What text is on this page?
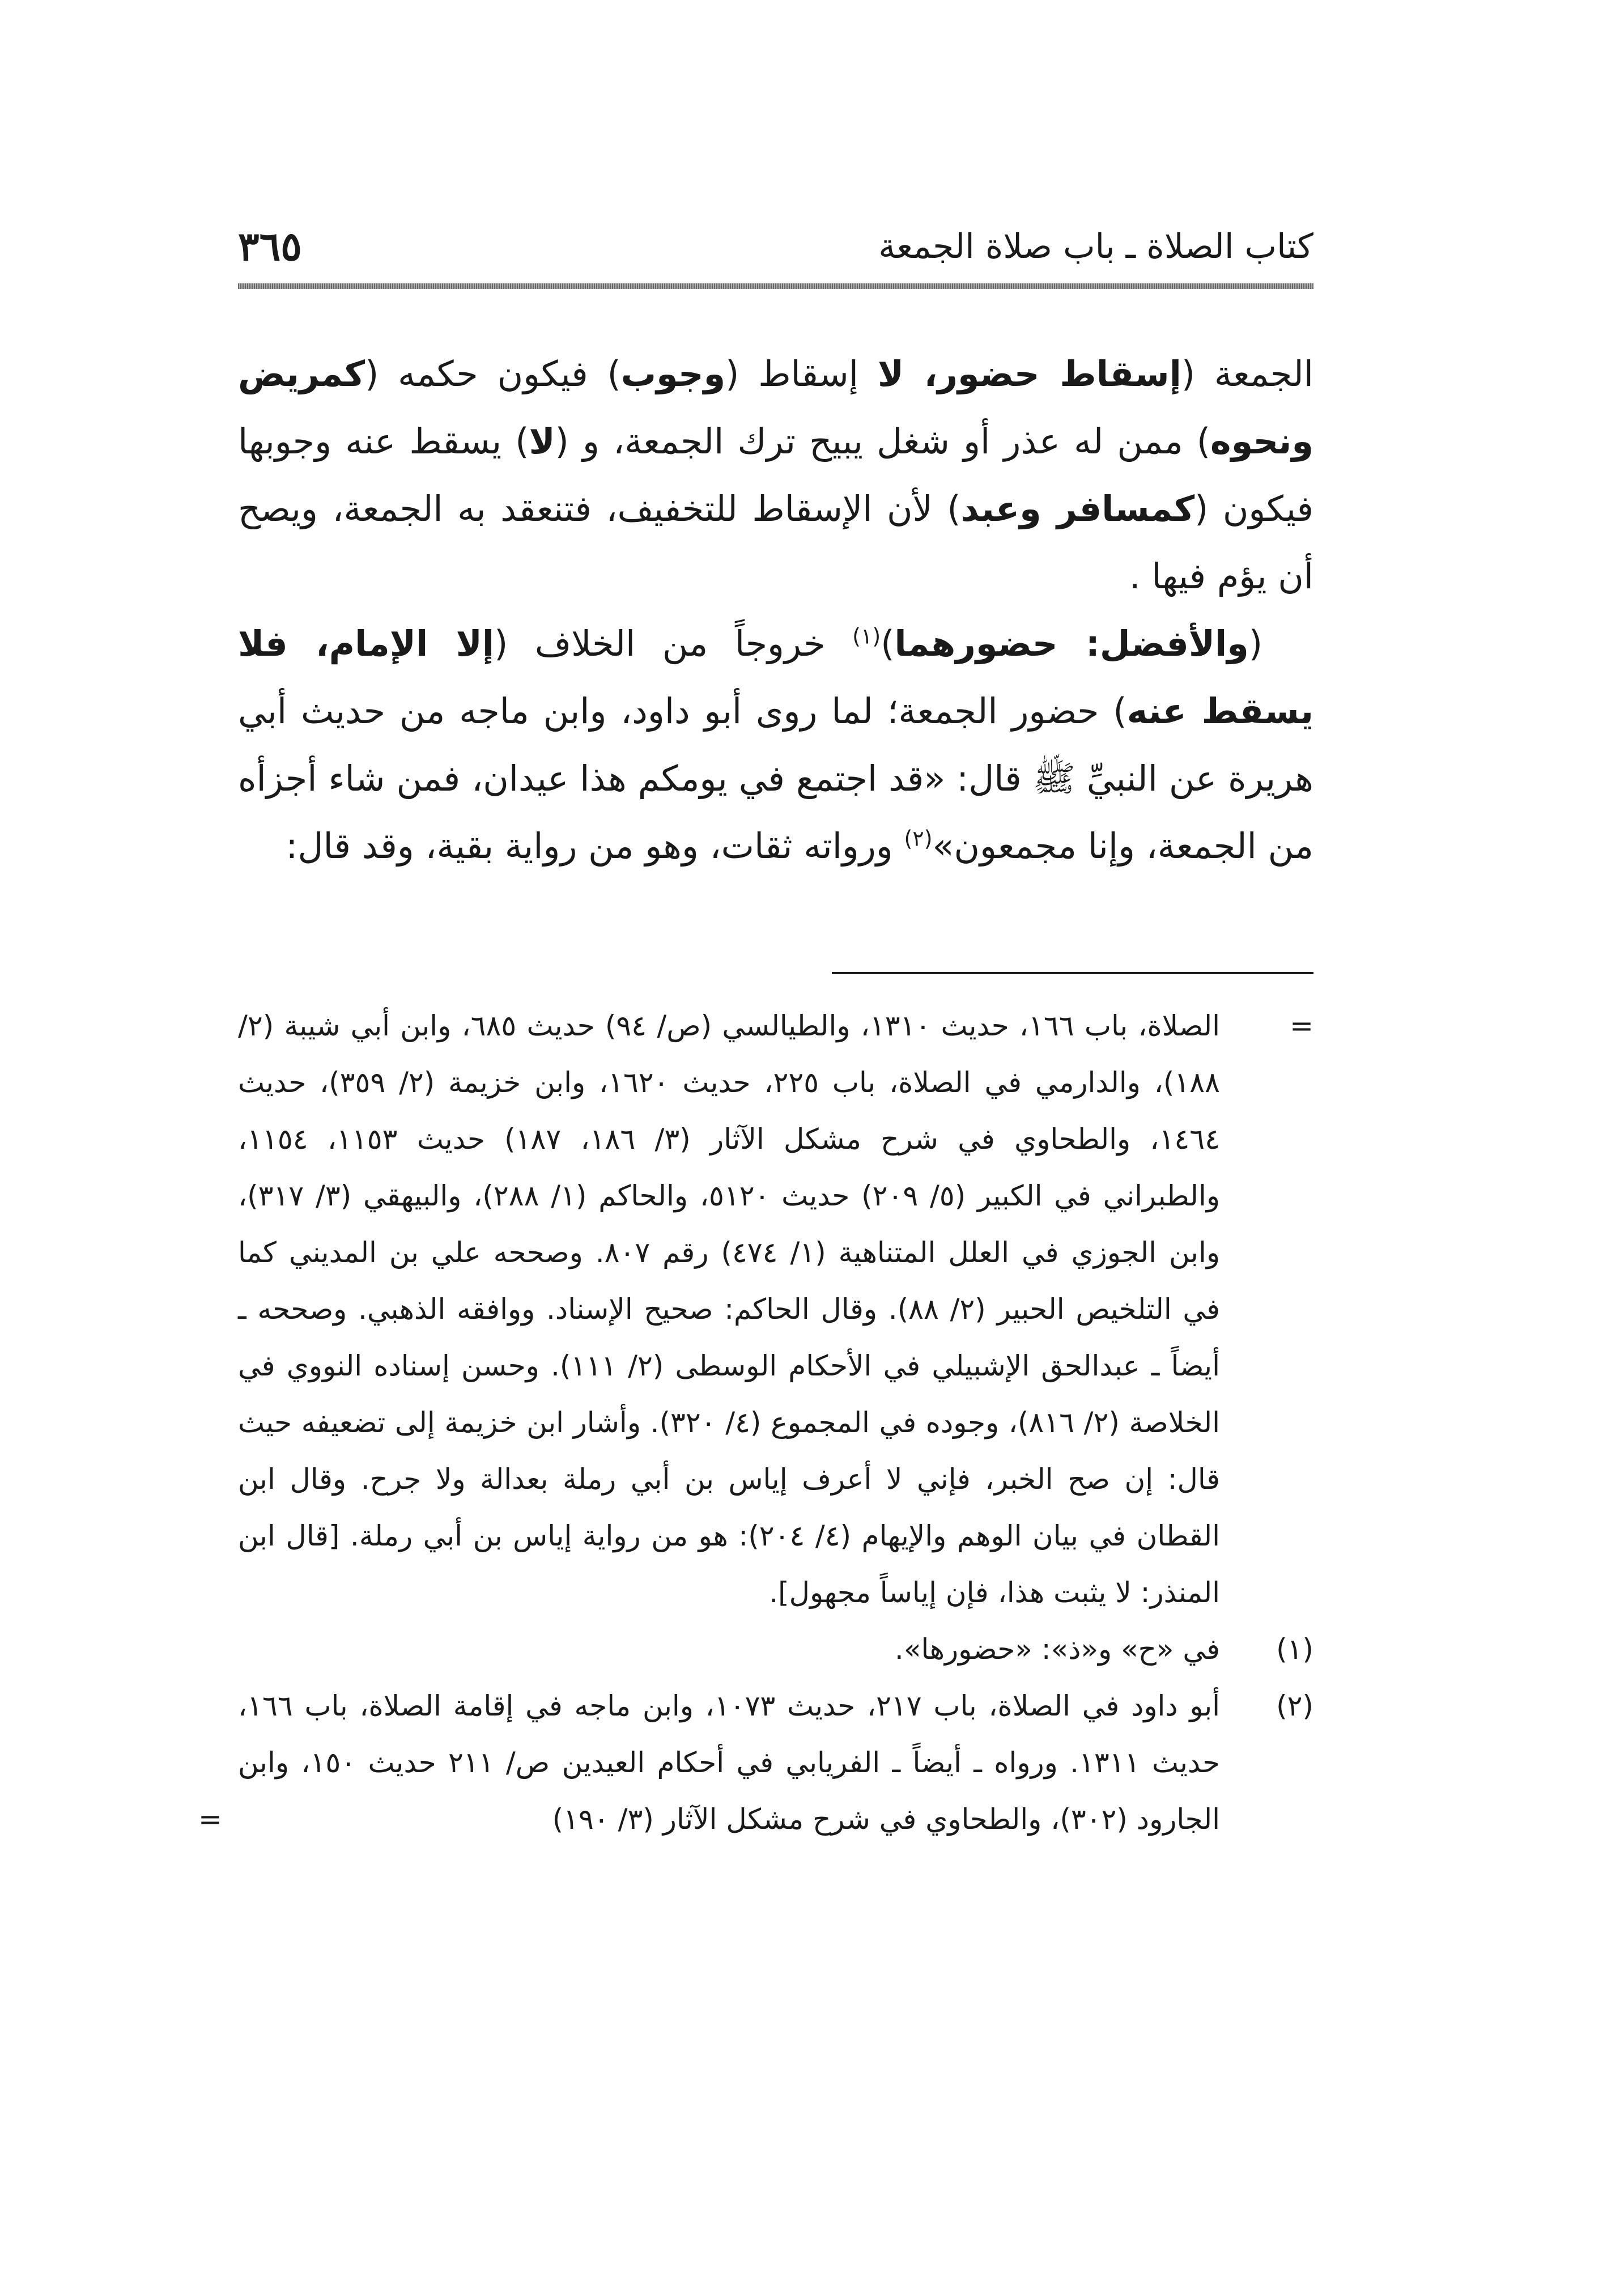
كتاب الصلاة ـ باب صلاة الجمعة
٣٦٥

الجمعة (إسقاط حضور، لا إسقاط (وجوب) فيكون حكمه (كمريض ونحوه) ممن له عذر أو شغل يبيح ترك الجمعة، و (لا) يسقط عنه وجوبها فيكون (كمسافر وعبد) لأن الإسقاط للتخفيف، فتنعقد به الجمعة، ويصح أن يؤم فيها .

(والأفضل: حضورهما)$^{(١)}$ خروجاً من الخلاف (إلا الإمام، فلا يسقط عنه) حضور الجمعة؛ لما روى أبو داود، وابن ماجه من حديث أبي هريرة عن النبيِّ ﷺ قال: «قد اجتمع في يومكم هذا عيدان، فمن شاء أجزأه من الجمعة، وإنا مجمعون»$^{(٢)}$ ورواته ثقات، وهو من رواية بقية، وقد قال:

=
الصلاة، باب ١٦٦، حديث ١٣١٠، والطيالسي (ص/ ٩٤) حديث ٦٨٥، وابن أبي شيبة (٢/ ١٨٨)، والدارمي في الصلاة، باب ٢٢٥، حديث ١٦٢٠، وابن خزيمة (٢/ ٣٥٩)، حديث ١٤٦٤، والطحاوي في شرح مشكل الآثار (٣/ ١٨٦، ١٨٧) حديث ١١٥٣، ١١٥٤، والطبراني في الكبير (٥/ ٢٠٩) حديث ٥١٢٠، والحاكم (١/ ٢٨٨)، والبيهقي (٣/ ٣١٧)، وابن الجوزي في العلل المتناهية (١/ ٤٧٤) رقم ٨٠٧. وصححه علي بن المديني كما في التلخيص الحبير (٢/ ٨٨). وقال الحاكم: صحيح الإسناد. ووافقه الذهبي. وصححه ـ أيضاً ـ عبدالحق الإشبيلي في الأحكام الوسطى (٢/ ١١١). وحسن إسناده النووي في الخلاصة (٢/ ٨١٦)، وجوده في المجموع (٤/ ٣٢٠). وأشار ابن خزيمة إلى تضعيفه حيث قال: إن صح الخبر، فإني لا أعرف إياس بن أبي رملة بعدالة ولا جرح. وقال ابن القطان في بيان الوهم والإيهام (٤/ ٢٠٤): هو من رواية إياس بن أبي رملة. [قال ابن المنذر: لا يثبت هذا، فإن إياساً مجهول].
(١)
في «ح» و«ذ»: «حضورها».
(٢)
أبو داود في الصلاة، باب ٢١٧، حديث ١٠٧٣، وابن ماجه في إقامة الصلاة، باب ١٦٦، حديث ١٣١١. ورواه ـ أيضاً ـ الفريابي في أحكام العيدين ص/ ٢١١ حديث ١٥٠، وابن الجارود (٣٠٢)، والطحاوي في شرح مشكل الآثار (٣/ ١٩٠)
=
